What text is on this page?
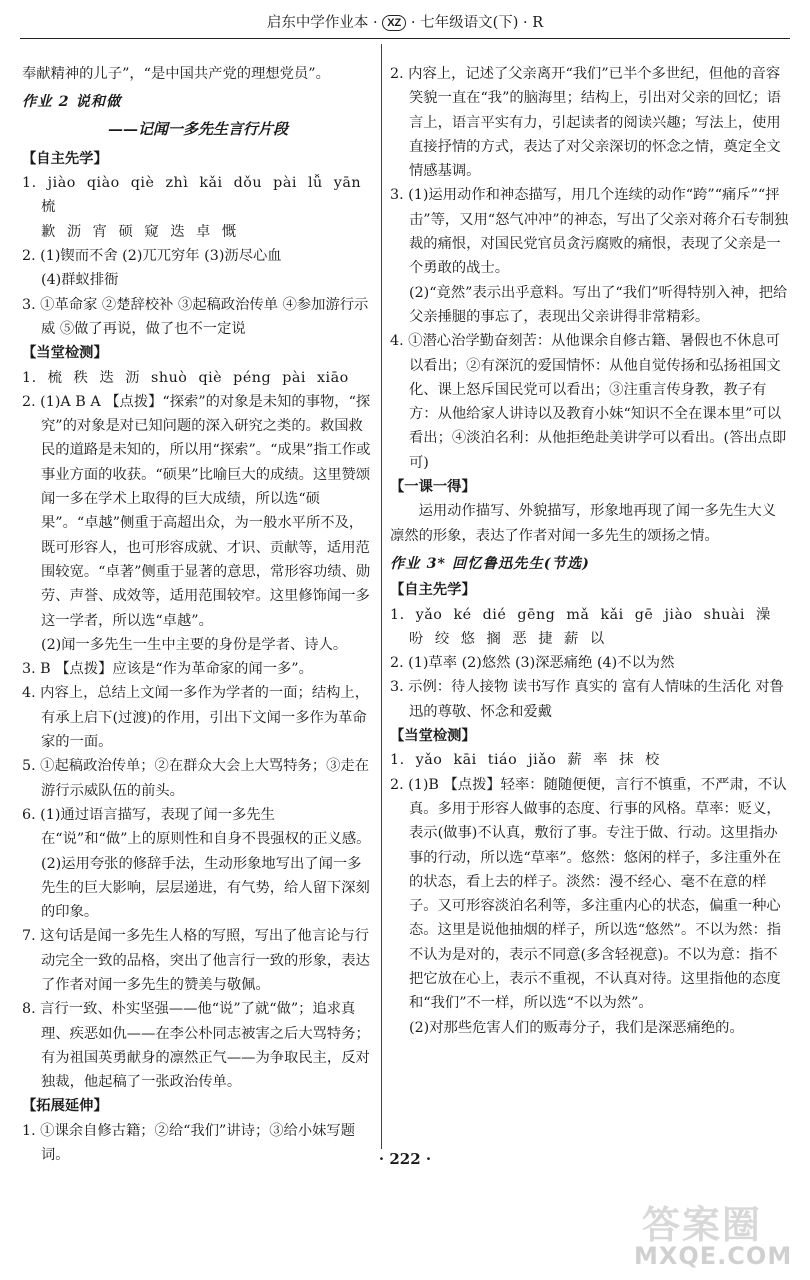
启东中学作业本 · XZ · 七年级语文(下) · R

奉献精神的儿子”，“是中国共产党的理想党员”。

作业 2 说和做

——记闻一多先生言行片段

【自主先学】

1. jiào qiào qiè zhì kǎi dǒu pài lǚ yān 梳

歉 沥 宵 硕 窥 迭 卓 慨

2. (1)锲而不舍 (2)兀兀穷年 (3)沥尽心血

(4)群蚁排衙

3. ①革命家 ②楚辞校补 ③起稿政治传单 ④参加游行示威 ⑤做了再说，做了也不一定说

【当堂检测】

1. 梳 秩 迭 沥 shuò qiè péng pài xiāo

2. (1)A B A 【点拨】“探索”的对象是未知的事物，“探究”的对象是对已知问题的深入研究之类的。救国救民的道路是未知的，所以用“探索”。“成果”指工作或事业方面的收获。“硕果”比喻巨大的成绩。这里赞颂闻一多在学术上取得的巨大成绩，所以选“硕果”。“卓越”侧重于高超出众，为一般水平所不及，既可形容人，也可形容成就、才识、贡献等，适用范围较宽。“卓著”侧重于显著的意思，常形容功绩、勋劳、声誉、成效等，适用范围较窄。这里修饰闻一多这一学者，所以选“卓越”。

(2)闻一多先生一生中主要的身份是学者、诗人。

3. B 【点拨】应该是“作为革命家的闻一多”。

4. 内容上，总结上文闻一多作为学者的一面；结构上，有承上启下(过渡)的作用，引出下文闻一多作为革命家的一面。

5. ①起稿政治传单；②在群众大会上大骂特务；③走在游行示威队伍的前头。

6. (1)通过语言描写，表现了闻一多先生在“说”和“做”上的原则性和自身不畏强权的正义感。

(2)运用夸张的修辞手法，生动形象地写出了闻一多先生的巨大影响，层层递进，有气势，给人留下深刻的印象。

7. 这句话是闻一多先生人格的写照，写出了他言论与行动完全一致的品格，突出了他言行一致的形象，表达了作者对闻一多先生的赞美与敬佩。

8. 言行一致、朴实坚强——他“说”了就“做”；追求真理、疾恶如仇——在李公朴同志被害之后大骂特务；有为祖国英勇献身的凛然正气——为争取民主，反对独裁，他起稿了一张政治传单。

【拓展延伸】

1. ①课余自修古籍；②给“我们”讲诗；③给小妹写题词。

2. 内容上，记述了父亲离开“我们”已半个多世纪，但他的音容笑貌一直在“我”的脑海里；结构上，引出对父亲的回忆；语言上，语言平实有力，引起读者的阅读兴趣；写法上，使用直接抒情的方式，表达了对父亲深切的怀念之情，奠定全文情感基调。

3. (1)运用动作和神态描写，用几个连续的动作“跨”“痛斥”“抨击”等，又用“怒气冲冲”的神态，写出了父亲对蒋介石专制独裁的痛恨，对国民党官员贪污腐败的痛恨，表现了父亲是一个勇敢的战士。

(2)“竟然”表示出乎意料。写出了“我们”听得特别入神，把给父亲捶腿的事忘了，表现出父亲讲得非常精彩。

4. ①潜心治学勤奋刻苦：从他课余自修古籍、暑假也不休息可以看出；②有深沉的爱国情怀：从他自觉传扬和弘扬祖国文化、课上怒斥国民党可以看出；③注重言传身教，教子有方：从他给家人讲诗以及教育小妹“知识不全在课本里”可以看出；④淡泊名利：从他拒绝赴美讲学可以看出。(答出点即可)

【一课一得】

运用动作描写、外貌描写，形象地再现了闻一多先生大义凛然的形象，表达了作者对闻一多先生的颂扬之情。

作业 3* 回忆鲁迅先生(节选)

【自主先学】

1. yǎo ké dié gēng mǎ kǎi gē jiào shuài 澡

吩 绞 悠 搁 恶 捷 薪 以

2. (1)草率 (2)悠然 (3)深恶痛绝 (4)不以为然

3. 示例：待人接物 读书写作 真实的 富有人情味的生活化 对鲁迅的尊敬、怀念和爱戴

【当堂检测】

1. yǎo kāi tiáo jiǎo 薪 率 抹 校

2. (1)B 【点拨】轻率：随随便便，言行不慎重，不严肃，不认真。多用于形容人做事的态度、行事的风格。草率：贬义，表示(做事)不认真，敷衍了事。专注于做、行动。这里指办事的行动，所以选“草率”。悠然：悠闲的样子，多注重外在的状态，看上去的样子。淡然：漫不经心、毫不在意的样子。又可形容淡泊名利等，多注重内心的状态，偏重一种心态。这里是说他抽烟的样子，所以选“悠然”。不以为然：指不认为是对的，表示不同意(多含轻视意)。不以为意：指不把它放在心上，表示不重视，不认真对待。这里指他的态度和“我们”不一样，所以选“不以为然”。

(2)对那些危害人们的贩毒分子，我们是深恶痛绝的。

· 222 ·
答案圈
MXQE.COM
